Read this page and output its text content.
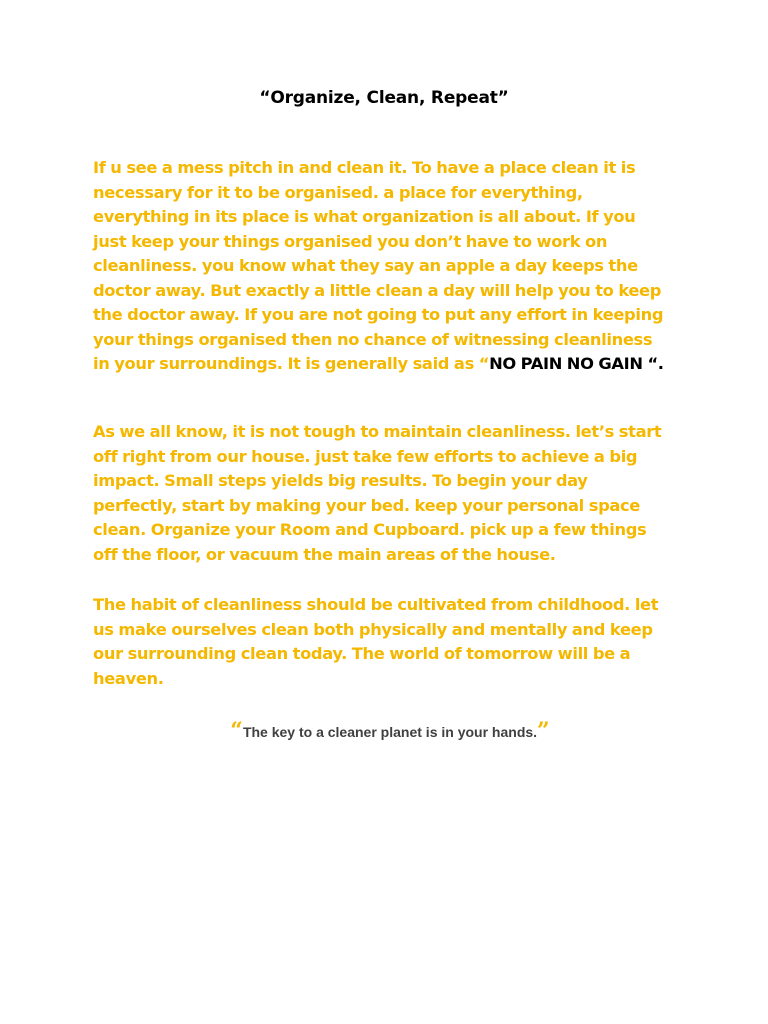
“Organize, Clean, Repeat”

If u see a mess pitch in and clean it. To have a place clean it is necessary for it to be organised. a place for everything, everything in its place is what organization is all about. If you just keep your things organised you don’t have to work on cleanliness. you know what they say an apple a day keeps the doctor away. But exactly a little clean a day will help you to keep the doctor away. If you are not going to put any effort in keeping your things organised then no chance of witnessing cleanliness in your surroundings. It is generally said as “NO PAIN NO GAIN “.

As we all know, it is not tough to maintain cleanliness. let’s start off right from our house. just take few efforts to achieve a big impact. Small steps yields big results. To begin your day perfectly, start by making your bed. keep your personal space clean. Organize your Room and Cupboard. pick up a few things off the floor, or vacuum the main areas of the house.

The habit of cleanliness should be cultivated from childhood. let us make ourselves clean both physically and mentally and keep our surrounding clean today. The world of tomorrow will be a heaven.

“The key to a cleaner planet is in your hands.”
